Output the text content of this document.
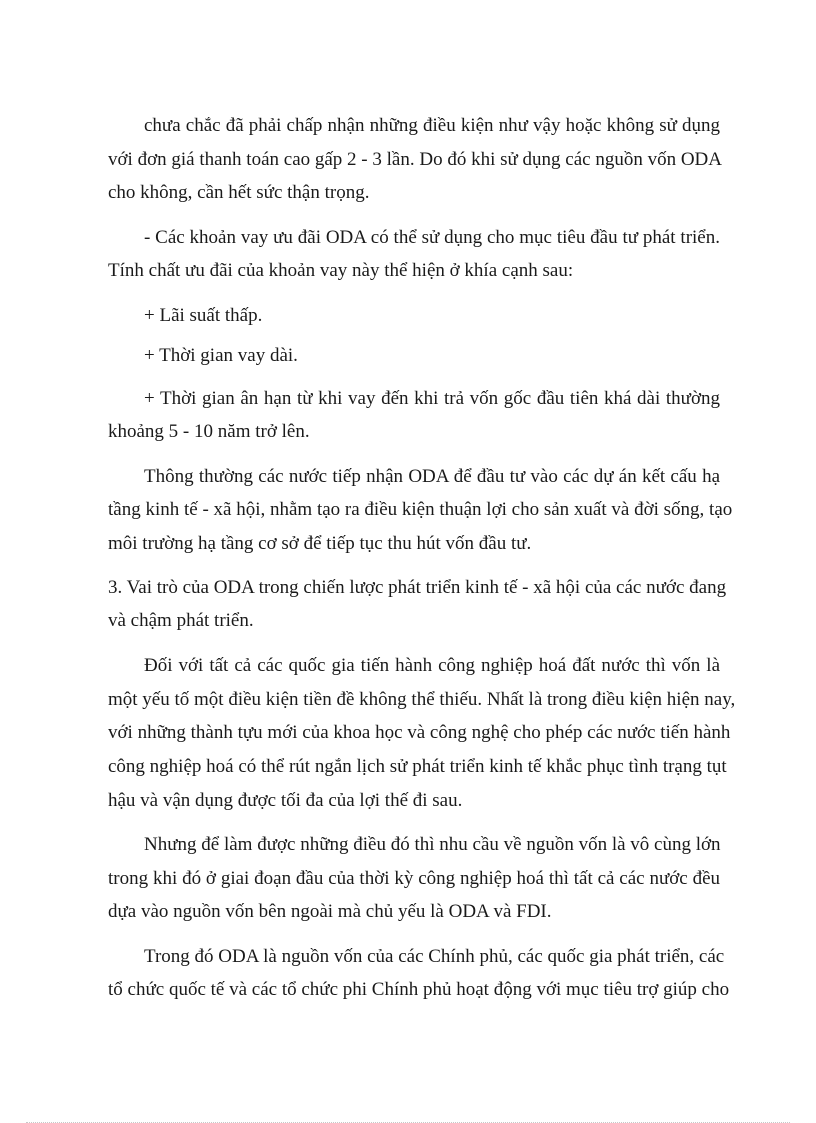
chưa chắc đã phải chấp nhận những điều kiện như vậy hoặc không sử dụng
với đơn giá thanh toán cao gấp 2 - 3 lần. Do đó khi sử dụng các nguồn vốn ODA
cho không, cần hết sức thận trọng.
- Các khoản vay ưu đãi ODA có thể sử dụng cho mục tiêu đầu tư phát triển.
Tính chất ưu đãi của khoản vay này thể hiện ở khía cạnh sau:
+ Lãi suất thấp.
+ Thời gian vay dài.
+ Thời gian ân hạn từ khi vay đến khi trả vốn gốc đầu tiên khá dài thường
khoảng 5 - 10 năm trở lên.
Thông thường các nước tiếp nhận ODA để đầu tư vào các dự án kết cấu hạ
tầng kinh tế - xã hội, nhằm tạo ra điều kiện thuận lợi cho sản xuất và đời sống, tạo
môi trường hạ tầng cơ sở để tiếp tục thu hút vốn đầu tư.
3. Vai trò của ODA trong chiến lược phát triển kinh tế - xã hội của các nước đang
và chậm phát triển.
Đối với tất cả các quốc gia tiến hành công nghiệp hoá đất nước thì vốn là
một yếu tố một điều kiện tiền đề không thể thiếu. Nhất là trong điều kiện hiện nay,
với những thành tựu mới của khoa học và công nghệ cho phép các nước tiến hành
công nghiệp hoá có thể rút ngắn lịch sử phát triển kinh tế khắc phục tình trạng tụt
hậu và vận dụng được tối đa của lợi thế đi sau.
Nhưng để làm được những điều đó thì nhu cầu về nguồn vốn là vô cùng lớn
trong khi đó ở giai đoạn đầu của thời kỳ công nghiệp hoá thì tất cả các nước đều
dựa vào nguồn vốn bên ngoài mà chủ yếu là ODA và FDI.
Trong đó ODA là nguồn vốn của các Chính phủ, các quốc gia phát triển, các
tổ chức quốc tế và các tổ chức phi Chính phủ hoạt động với mục tiêu trợ giúp cho
